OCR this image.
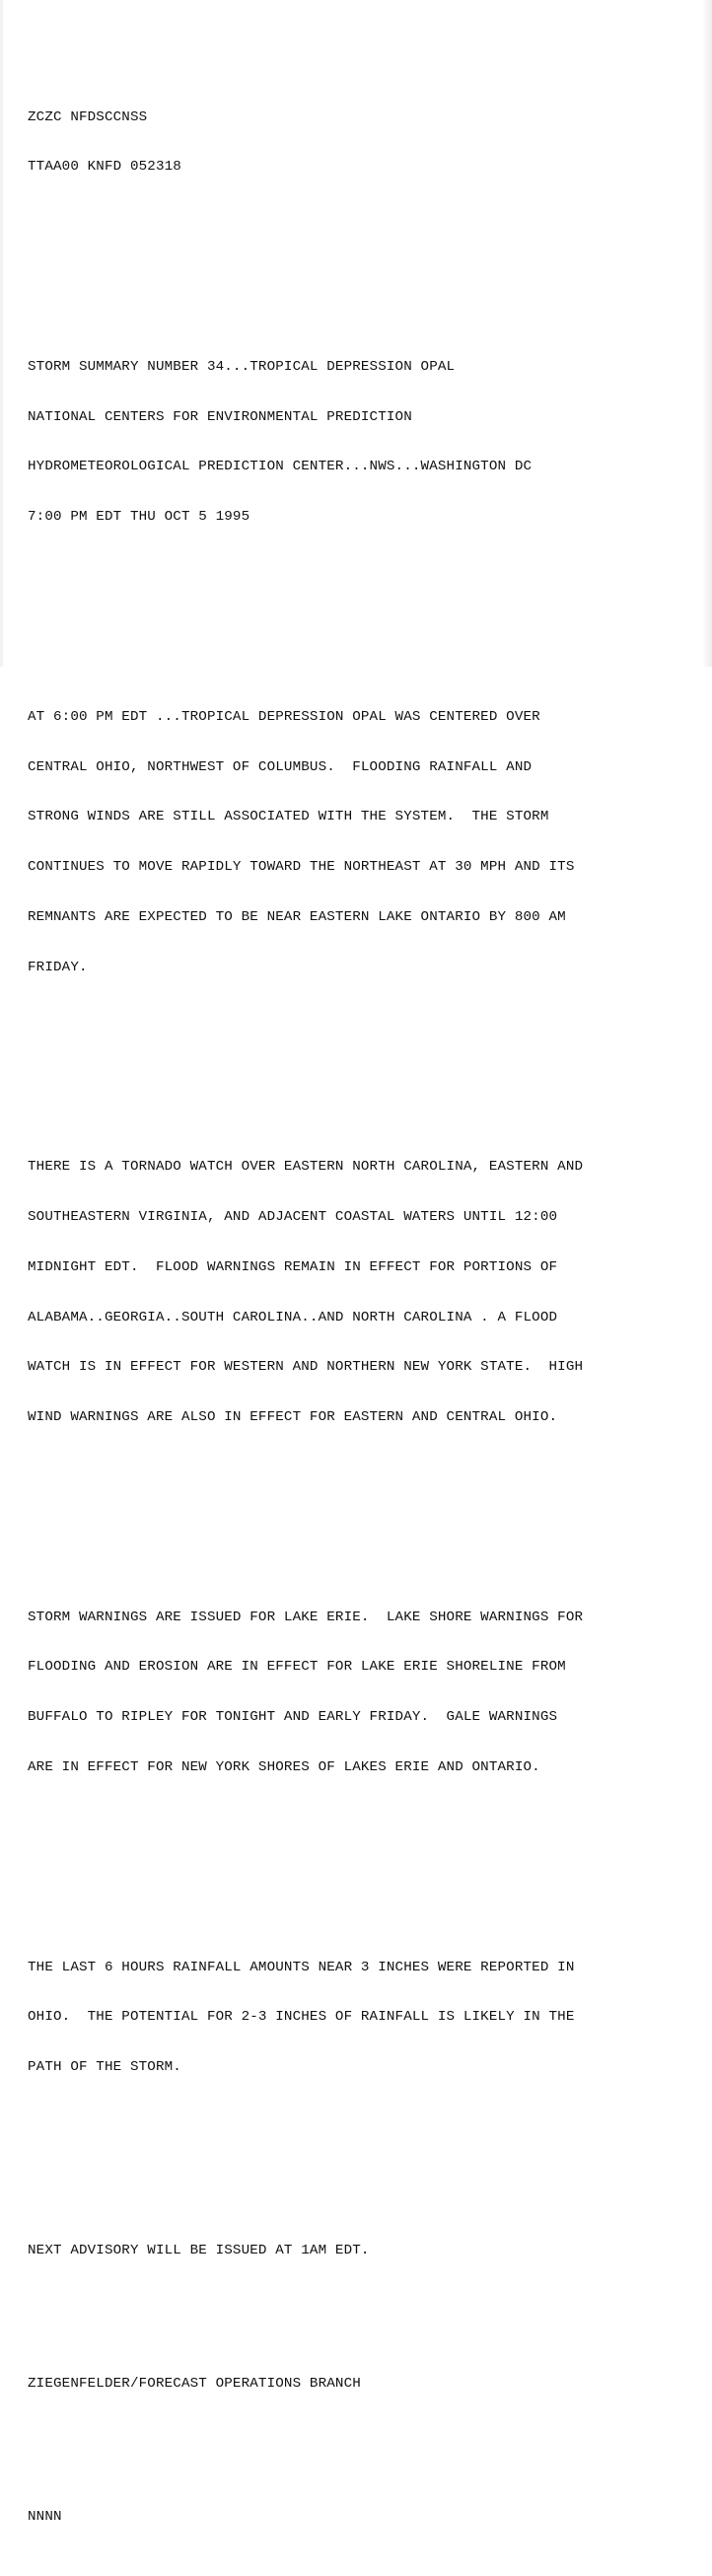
ZCZC NFDSCCNSS

TTAA00 KNFD 052318

STORM SUMMARY NUMBER 34...TROPICAL DEPRESSION OPAL

NATIONAL CENTERS FOR ENVIRONMENTAL PREDICTION

HYDROMETEOROLOGICAL PREDICTION CENTER...NWS...WASHINGTON DC

7:00 PM EDT THU OCT 5 1995

AT 6:00 PM EDT ...TROPICAL DEPRESSION OPAL WAS CENTERED OVER

CENTRAL OHIO, NORTHWEST OF COLUMBUS.  FLOODING RAINFALL AND

STRONG WINDS ARE STILL ASSOCIATED WITH THE SYSTEM.  THE STORM

CONTINUES TO MOVE RAPIDLY TOWARD THE NORTHEAST AT 30 MPH AND ITS

REMNANTS ARE EXPECTED TO BE NEAR EASTERN LAKE ONTARIO BY 800 AM

FRIDAY.

THERE IS A TORNADO WATCH OVER EASTERN NORTH CAROLINA, EASTERN AND

SOUTHEASTERN VIRGINIA, AND ADJACENT COASTAL WATERS UNTIL 12:00

MIDNIGHT EDT.  FLOOD WARNINGS REMAIN IN EFFECT FOR PORTIONS OF

ALABAMA..GEORGIA..SOUTH CAROLINA..AND NORTH CAROLINA . A FLOOD

WATCH IS IN EFFECT FOR WESTERN AND NORTHERN NEW YORK STATE.  HIGH

WIND WARNINGS ARE ALSO IN EFFECT FOR EASTERN AND CENTRAL OHIO.

STORM WARNINGS ARE ISSUED FOR LAKE ERIE.  LAKE SHORE WARNINGS FOR

FLOODING AND EROSION ARE IN EFFECT FOR LAKE ERIE SHORELINE FROM

BUFFALO TO RIPLEY FOR TONIGHT AND EARLY FRIDAY.  GALE WARNINGS

ARE IN EFFECT FOR NEW YORK SHORES OF LAKES ERIE AND ONTARIO.

THE LAST 6 HOURS RAINFALL AMOUNTS NEAR 3 INCHES WERE REPORTED IN

OHIO.  THE POTENTIAL FOR 2-3 INCHES OF RAINFALL IS LIKELY IN THE

PATH OF THE STORM.

NEXT ADVISORY WILL BE ISSUED AT 1AM EDT.

ZIEGENFELDER/FORECAST OPERATIONS BRANCH

NNNN
